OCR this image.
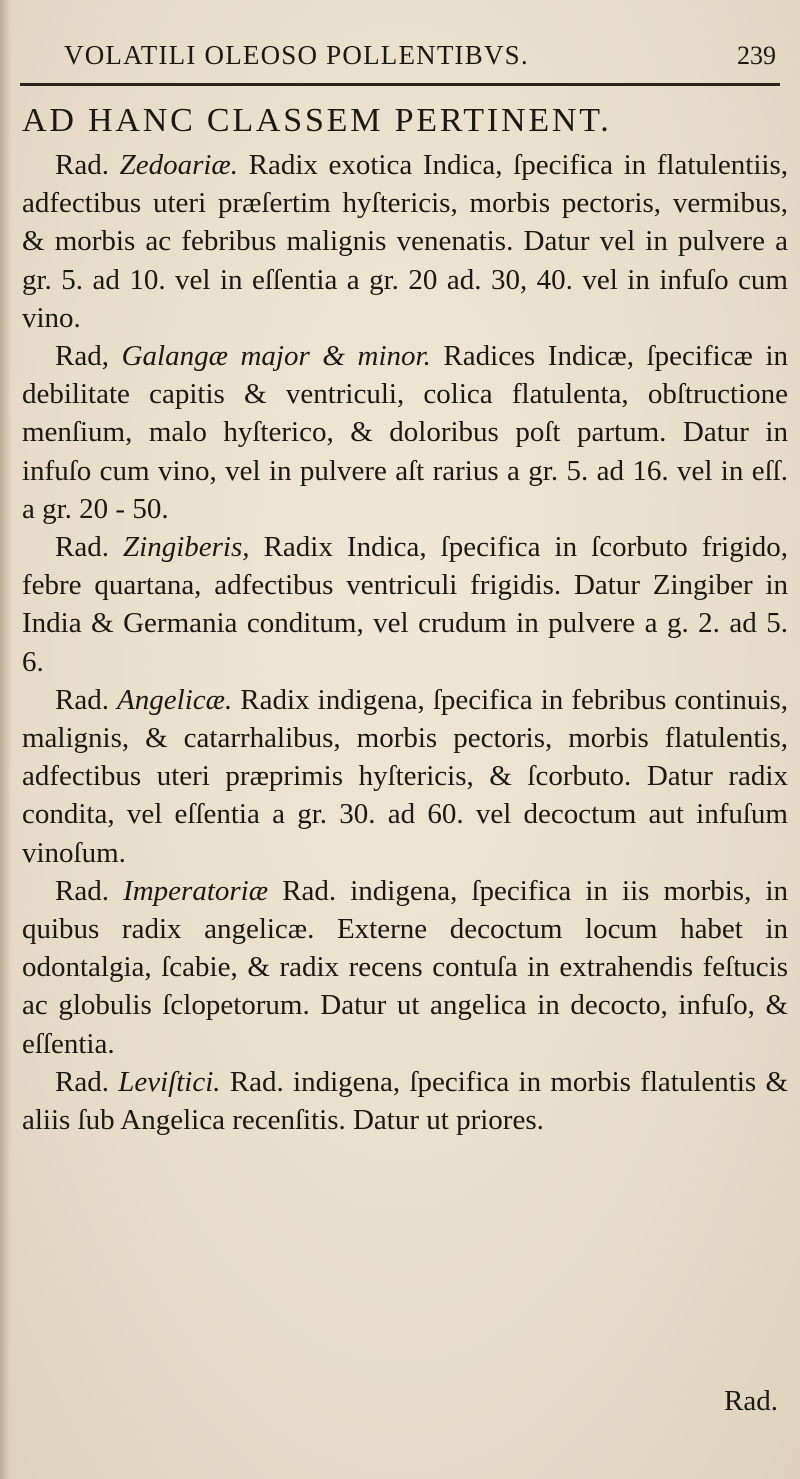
VOLATILI OLEOSO POLLENTIBVS.	239
AD HANC CLASSEM PERTINENT.

Rad. Zedoariæ. Radix exotica Indica, ſpecifica in flatulentiis, adfectibus uteri præſertim hyſtericis, morbis pectoris, vermibus, & morbis ac febribus malignis venenatis. Datur vel in pulvere a gr. 5. ad 10. vel in eſſentia a gr. 20 ad. 30, 40. vel in infuſo cum vino.

Rad, Galangæ major & minor. Radices Indicæ, ſpecificæ in debilitate capitis & ventriculi, colica flatulenta, obſtructione menſium, malo hyſterico, & doloribus poſt partum. Datur in infuſo cum vino, vel in pulvere aſt rarius a gr. 5. ad 16. vel in eſſ. a gr. 20 - 50.

Rad. Zingiberis, Radix Indica, ſpecifica in ſcorbuto frigido, febre quartana, adfectibus ventriculi frigidis. Datur Zingiber in India & Germania conditum, vel crudum in pulvere a g. 2. ad 5. 6.

Rad. Angelicæ. Radix indigena, ſpecifica in febribus continuis, malignis, & catarrhalibus, morbis pectoris, morbis flatulentis, adfectibus uteri præprimis hyſtericis, & ſcorbuto. Datur radix condita, vel eſſentia a gr. 30. ad 60. vel decoctum aut infuſum vinoſum.

Rad. Imperatoriæ Rad. indigena, ſpecifica in iis morbis, in quibus radix angelicæ. Externe decoctum locum habet in odontalgia, ſcabie, & radix recens contuſa in extrahendis feſtucis ac globulis ſclopetorum. Datur ut angelica in decocto, infuſo, & eſſentia.

Rad. Leviſtici. Rad. indigena, ſpecifica in morbis flatulentis & aliis ſub Angelica recenſitis. Datur ut priores.

Rad.
